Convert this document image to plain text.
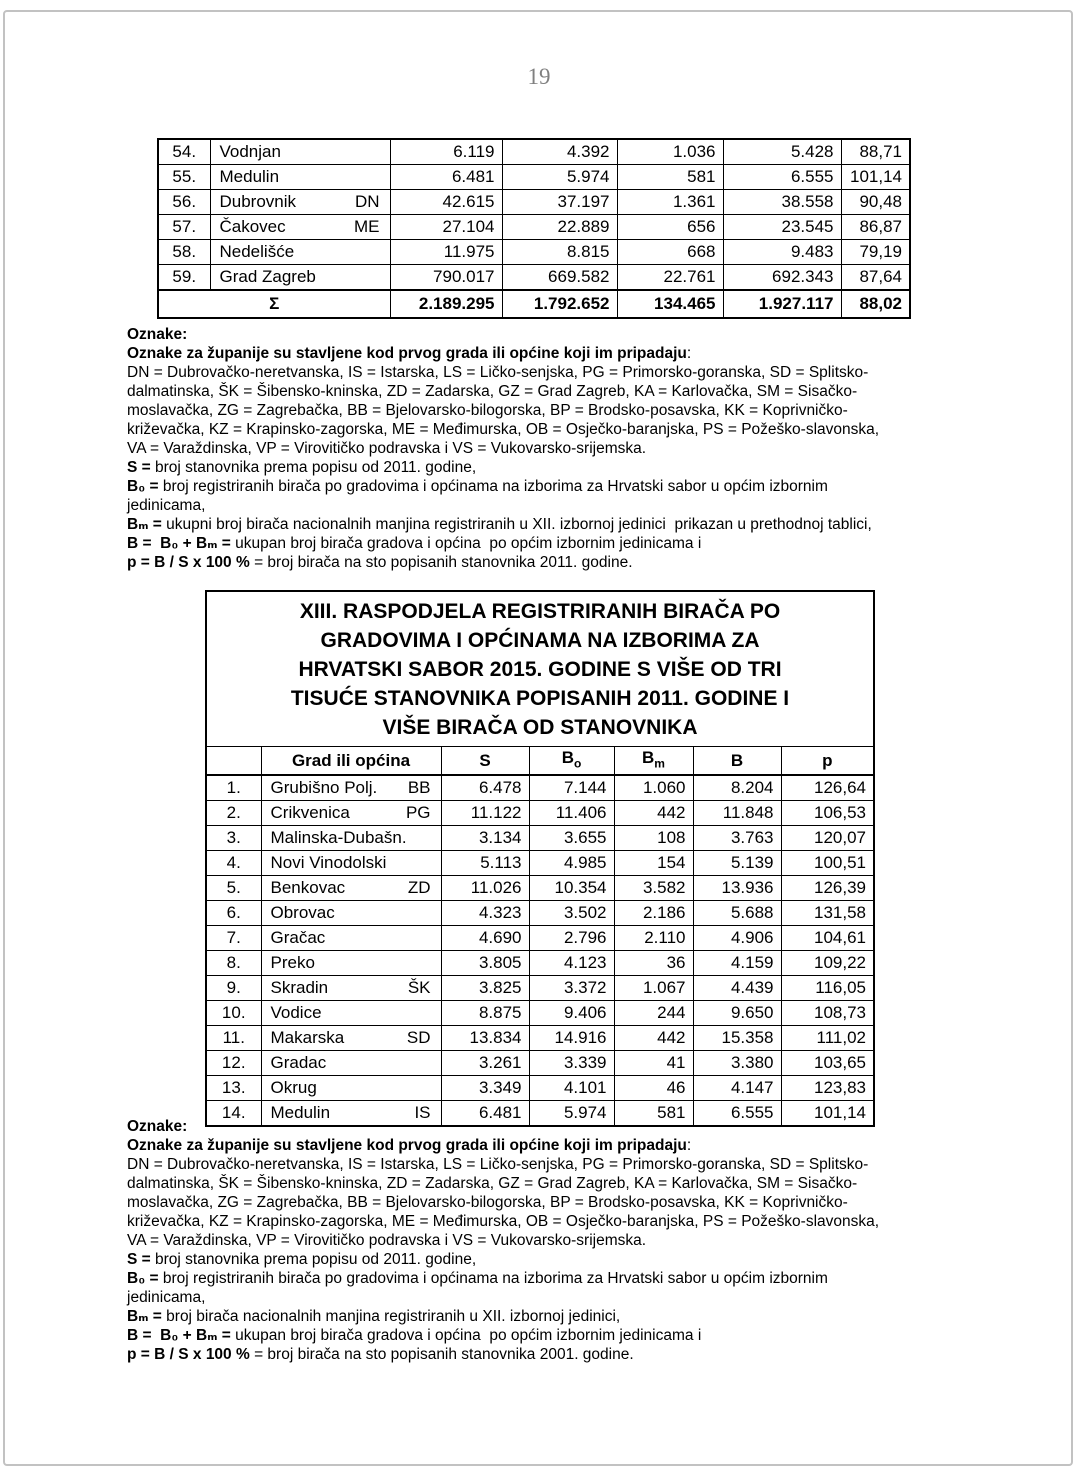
19
54.	Vodnjan	6.119	4.392	1.036	5.428	88,71
55.	Medulin	6.481	5.974	581	6.555	101,14
56.	Dubrovnik DN	42.615	37.197	1.361	38.558	90,48
57.	Čakovec ME	27.104	22.889	656	23.545	86,87
58.	Nedelišće	11.975	8.815	668	9.483	79,19
59.	Grad Zagreb	790.017	669.582	22.761	692.343	87,64
Σ		2.189.295	1.792.652	134.465	1.927.117	88,02
Oznake:
Oznake za županije su stavljene kod prvog grada ili općine koji im pripadaju:
DN = Dubrovačko-neretvanska, IS = Istarska, LS = Ličko-senjska, PG = Primorsko-goranska, SD = Splitsko-
dalmatinska, ŠK = Šibensko-kninska, ZD = Zadarska, GZ = Grad Zagreb, KA = Karlovačka, SM = Sisačko-
moslavačka, ZG = Zagrebačka, BB = Bjelovarsko-bilogorska, BP = Brodsko-posavska, KK = Koprivničko-
križevačka, KZ = Krapinsko-zagorska, ME = Međimurska, OB = Osječko-baranjska, PS = Požeško-slavonska,
VA = Varaždinska, VP = Virovitičko podravska i VS = Vukovarsko-srijemska.
S = broj stanovnika prema popisu od 2011. godine,
B₀ = broj registriranih birača po gradovima i općinama na izborima za Hrvatski sabor u općim izbornim
jedinicama,
Bₘ = ukupni broj birača nacionalnih manjina registriranih u XII. izbornoj jedinici  prikazan u prethodnoj tablici,
B =  B₀ + Bₘ = ukupan broj birača gradova i općina  po općim izbornim jedinicama i
p = B / S x 100 % = broj birača na sto popisanih stanovnika 2011. godine.
XIII. RASPODJELA REGISTRIRANIH BIRAČA PO
GRADOVIMA I OPĆINAMA NA IZBORIMA ZA
HRVATSKI SABOR 2015. GODINE S VIŠE OD TRI
TISUĆE STANOVNIKA POPISANIH 2011. GODINE I
VIŠE BIRAČA OD STANOVNIKA						

	Grad ili općina	S	$B_o$	$B_m$	B	p
1.	Grubišno Polj. BB	6.478	7.144	1.060	8.204	126,64
2.	Crikvenica PG	11.122	11.406	442	11.848	106,53
3.	Malinska-Dubašn.	3.134	3.655	108	3.763	120,07
4.	Novi Vinodolski	5.113	4.985	154	5.139	100,51
5.	Benkovac ZD	11.026	10.354	3.582	13.936	126,39
6.	Obrovac	4.323	3.502	2.186	5.688	131,58
7.	Gračac	4.690	2.796	2.110	4.906	104,61
8.	Preko	3.805	4.123	36	4.159	109,22
9.	Skradin ŠK	3.825	3.372	1.067	4.439	116,05
10.	Vodice	8.875	9.406	244	9.650	108,73
11.	Makarska SD	13.834	14.916	442	15.358	111,02
12.	Gradac	3.261	3.339	41	3.380	103,65
13.	Okrug	3.349	4.101	46	4.147	123,83
14.	Medulin IS	6.481	5.974	581	6.555	101,14
Oznake:
Oznake za županije su stavljene kod prvog grada ili općine koji im pripadaju:
DN = Dubrovačko-neretvanska, IS = Istarska, LS = Ličko-senjska, PG = Primorsko-goranska, SD = Splitsko-
dalmatinska, ŠK = Šibensko-kninska, ZD = Zadarska, GZ = Grad Zagreb, KA = Karlovačka, SM = Sisačko-
moslavačka, ZG = Zagrebačka, BB = Bjelovarsko-bilogorska, BP = Brodsko-posavska, KK = Koprivničko-
križevačka, KZ = Krapinsko-zagorska, ME = Međimurska, OB = Osječko-baranjska, PS = Požeško-slavonska,
VA = Varaždinska, VP = Virovitičko podravska i VS = Vukovarsko-srijemska.
S = broj stanovnika prema popisu od 2011. godine,
B₀ = broj registriranih birača po gradovima i općinama na izborima za Hrvatski sabor u općim izbornim
jedinicama,
Bₘ = broj birača nacionalnih manjina registriranih u XII. izbornoj jedinici,
B =  B₀ + Bₘ = ukupan broj birača gradova i općina  po općim izbornim jedinicama i
p = B / S x 100 % = broj birača na sto popisanih stanovnika 2001. godine.
